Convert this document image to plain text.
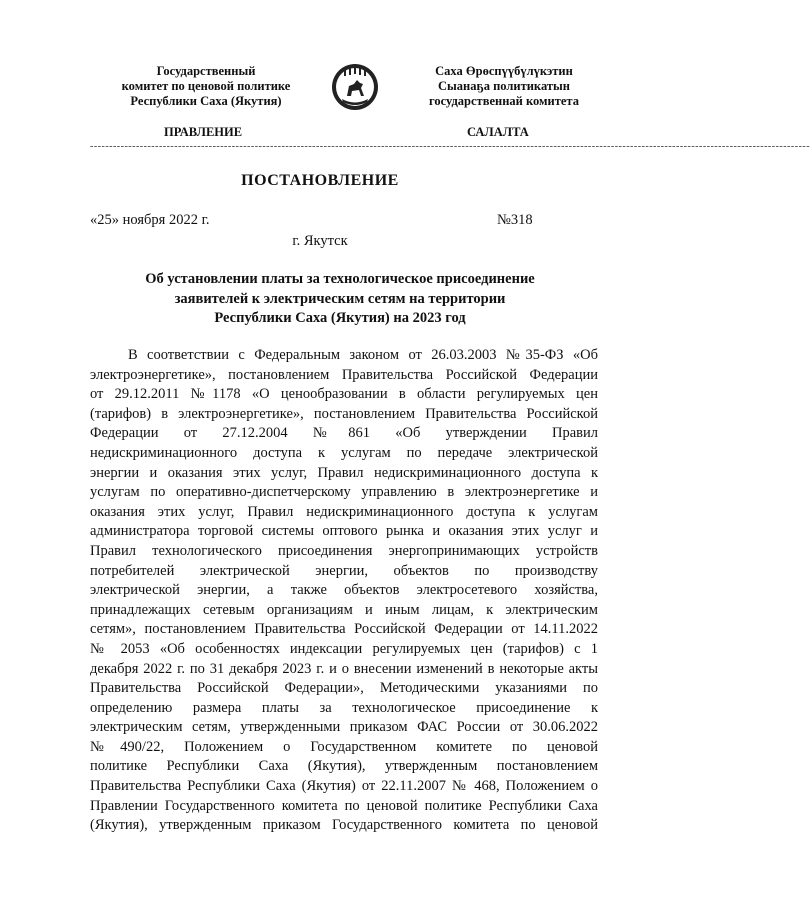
Государственный
комитет по ценовой политике
Республики Саха (Якутия)
Саха Өрөспүүбүлүкэтин
Сыанаҕа политикатын
государственнай комитета
ПРАВЛЕНИЕ	САЛАЛТА
--------------------------------------------------------------------------------------------------------------------------------------------------------------------------------------------
ПОСТАНОВЛЕНИЕ
«25» ноября 2022 г.	№318
г. Якутск
Об установлении платы за технологическое присоединение
заявителей к электрическим сетям на территории
Республики Саха (Якутия) на 2023 год
В соответствии с Федеральным законом от 26.03.2003 №35-ФЗ «Об
электроэнергетике», постановлением Правительства Российской Федерации
от 29.12.2011 №1178 «О ценообразовании в области регулируемых цен
(тарифов) в электроэнергетике», постановлением Правительства Российской
Федерации от 27.12.2004 №861 «Об утверждении Правил
недискриминационного доступа к услугам по передаче электрической
энергии и оказания этих услуг, Правил недискриминационного доступа к
услугам по оперативно-диспетчерскому управлению в электроэнергетике и
оказания этих услуг, Правил недискриминационного доступа к услугам
администратора торговой системы оптового рынка и оказания этих услуг и
Правил технологического присоединения энергопринимающих устройств
потребителей электрической энергии, объектов по производству
электрической энергии, а также объектов электросетевого хозяйства,
принадлежащих сетевым организациям и иным лицам, к электрическим
сетям», постановлением Правительства Российской Федерации от 14.11.2022
№ 2053 «Об особенностях индексации регулируемых цен (тарифов) с 1
декабря 2022 г. по 31 декабря 2023 г. и о внесении изменений в некоторые акты
Правительства Российской Федерации», Методическими указаниями по
определению размера платы за технологическое присоединение к
электрическим сетям, утвержденными приказом ФАС России от 30.06.2022
№490/22, Положением о Государственном комитете по ценовой
политике Республики Саха (Якутия), утвержденным постановлением
Правительства Республики Саха (Якутия) от 22.11.2007 № 468, Положением о
Правлении Государственного комитета по ценовой политике Республики Саха
(Якутия), утвержденным приказом Государственного комитета по ценовой
